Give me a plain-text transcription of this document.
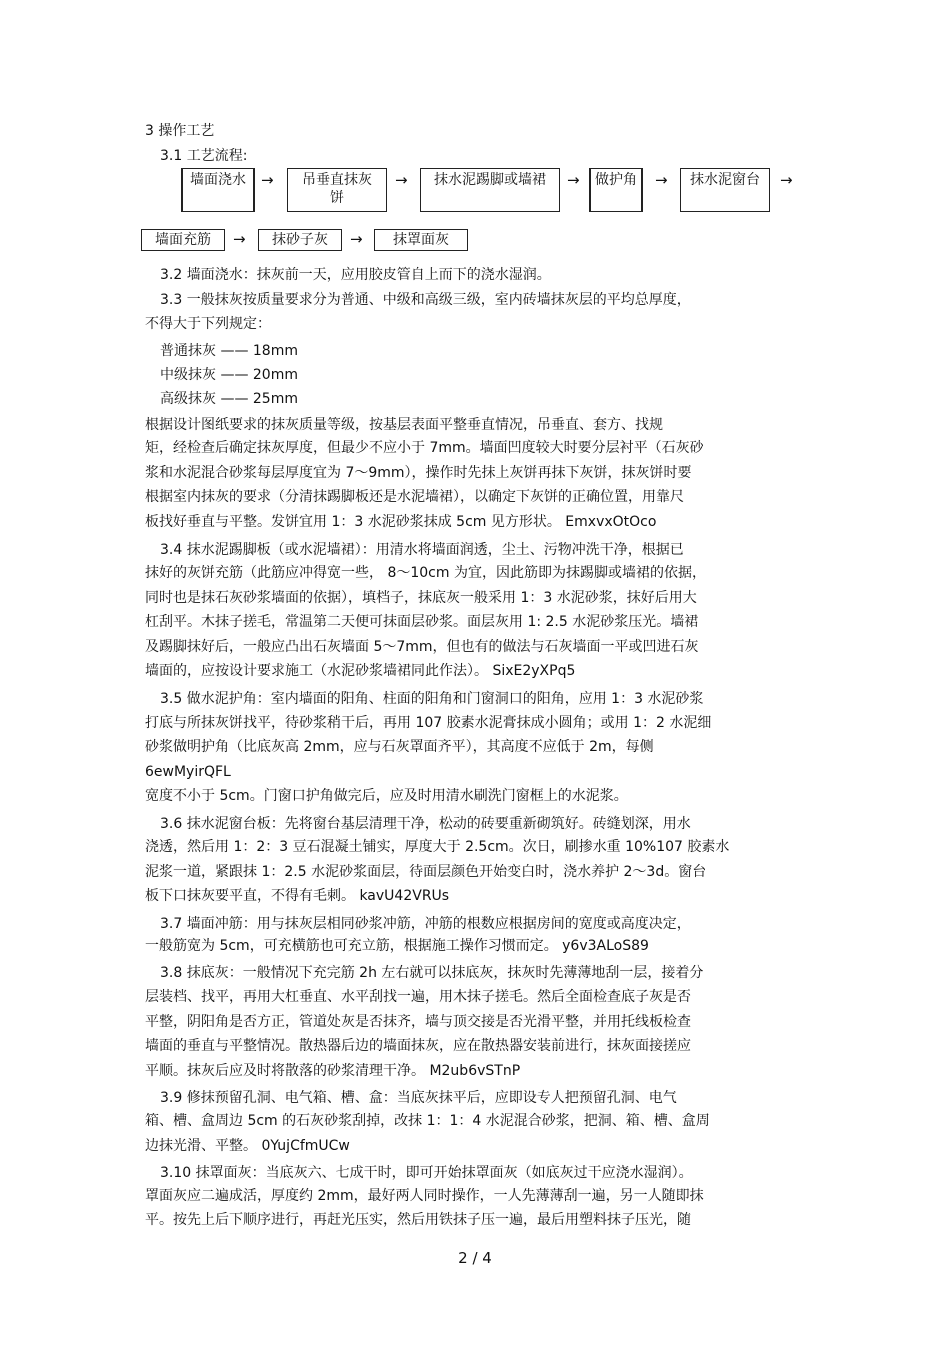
3 操作工艺
3.1 工艺流程:
墙面浇水	→	吊垂直抹灰饼
→	抹水泥踢脚或墙裙	→	做护角	→	抹水泥窗台	→
墙面充筋	→	抹砂子灰	→	抹罩面灰
3.2 墙面浇水：抹灰前一天，应用胶皮管自上而下的浇水湿润。
3.3 一般抹灰按质量要求分为普通、中级和高级三级，室内砖墙抹灰层的平均总厚度，
不得大于下列规定：
普通抹灰 —— 18mm
中级抹灰 —— 20mm
高级抹灰 —— 25mm
根据设计图纸要求的抹灰质量等级，按基层表面平整垂直情况，吊垂直、套方、找规
矩，经检查后确定抹灰厚度，但最少不应小于 7mm。墙面凹度较大时要分层衬平（石灰砂
浆和水泥混合砂浆每层厚度宜为 7～9mm），操作时先抹上灰饼再抹下灰饼，抹灰饼时要
根据室内抹灰的要求（分清抹踢脚板还是水泥墙裙），以确定下灰饼的正确位置，用靠尺
板找好垂直与平整。发饼宜用 1：3 水泥砂浆抹成 5cm 见方形状。 EmxvxOtOco
3.4 抹水泥踢脚板（或水泥墙裙）：用清水将墙面润透，尘土、污物冲洗干净，根据已
抹好的灰饼充筋（此筋应冲得宽一些， 8～10cm 为宜，因此筋即为抹踢脚或墙裙的依据，
同时也是抹石灰砂浆墙面的依据），填档子，抹底灰一般采用 1：3 水泥砂浆，抹好后用大
杠刮平。木抹子搓毛，常温第二天便可抹面层砂浆。面层灰用 1: 2.5 水泥砂浆压光。墙裙
及踢脚抹好后，一般应凸出石灰墙面 5～7mm，但也有的做法与石灰墙面一平或凹进石灰
墙面的，应按设计要求施工（水泥砂浆墙裙同此作法）。 SixE2yXPq5
3.5 做水泥护角：室内墙面的阳角、柱面的阳角和门窗洞口的阳角，应用 1：3 水泥砂浆
打底与所抹灰饼找平，待砂浆稍干后，再用 107 胶素水泥膏抹成小圆角；或用 1：2 水泥细
砂浆做明护角（比底灰高 2mm，应与石灰罩面齐平），其高度不应低于 2m，每侧
6ewMyirQFL
宽度不小于 5cm。门窗口护角做完后，应及时用清水刷洗门窗框上的水泥浆。
3.6 抹水泥窗台板：先将窗台基层清理干净，松动的砖要重新砌筑好。砖缝划深，用水
浇透，然后用 1：2：3 豆石混凝土铺实，厚度大于 2.5cm。次日，刷掺水重 10%107 胶素水
泥浆一道，紧跟抹 1：2.5 水泥砂浆面层，待面层颜色开始变白时，浇水养护 2～3d。窗台
板下口抹灰要平直，不得有毛刺。 kavU42VRUs
3.7 墙面冲筋：用与抹灰层相同砂浆冲筋，冲筋的根数应根据房间的宽度或高度决定，
一般筋宽为 5cm，可充横筋也可充立筋，根据施工操作习惯而定。 y6v3ALoS89
3.8 抹底灰：一般情况下充完筋 2h 左右就可以抹底灰，抹灰时先薄薄地刮一层，接着分
层装档、找平，再用大杠垂直、水平刮找一遍，用木抹子搓毛。然后全面检查底子灰是否
平整，阴阳角是否方正，管道处灰是否抹齐，墙与顶交接是否光滑平整，并用托线板检查
墙面的垂直与平整情况。散热器后边的墙面抹灰，应在散热器安装前进行，抹灰面接搓应
平顺。抹灰后应及时将散落的砂浆清理干净。 M2ub6vSTnP
3.9 修抹预留孔洞、电气箱、槽、盒：当底灰抹平后，应即设专人把预留孔洞、电气
箱、槽、盒周边 5cm 的石灰砂浆刮掉，改抹 1：1：4 水泥混合砂浆，把洞、箱、槽、盒周
边抹光滑、平整。 0YujCfmUCw
3.10 抹罩面灰：当底灰六、七成干时，即可开始抹罩面灰（如底灰过干应浇水湿润）。
罩面灰应二遍成活，厚度约 2mm，最好两人同时操作，一人先薄薄刮一遍，另一人随即抹
平。按先上后下顺序进行，再赶光压实，然后用铁抹子压一遍，最后用塑料抹子压光，随
2 / 4
